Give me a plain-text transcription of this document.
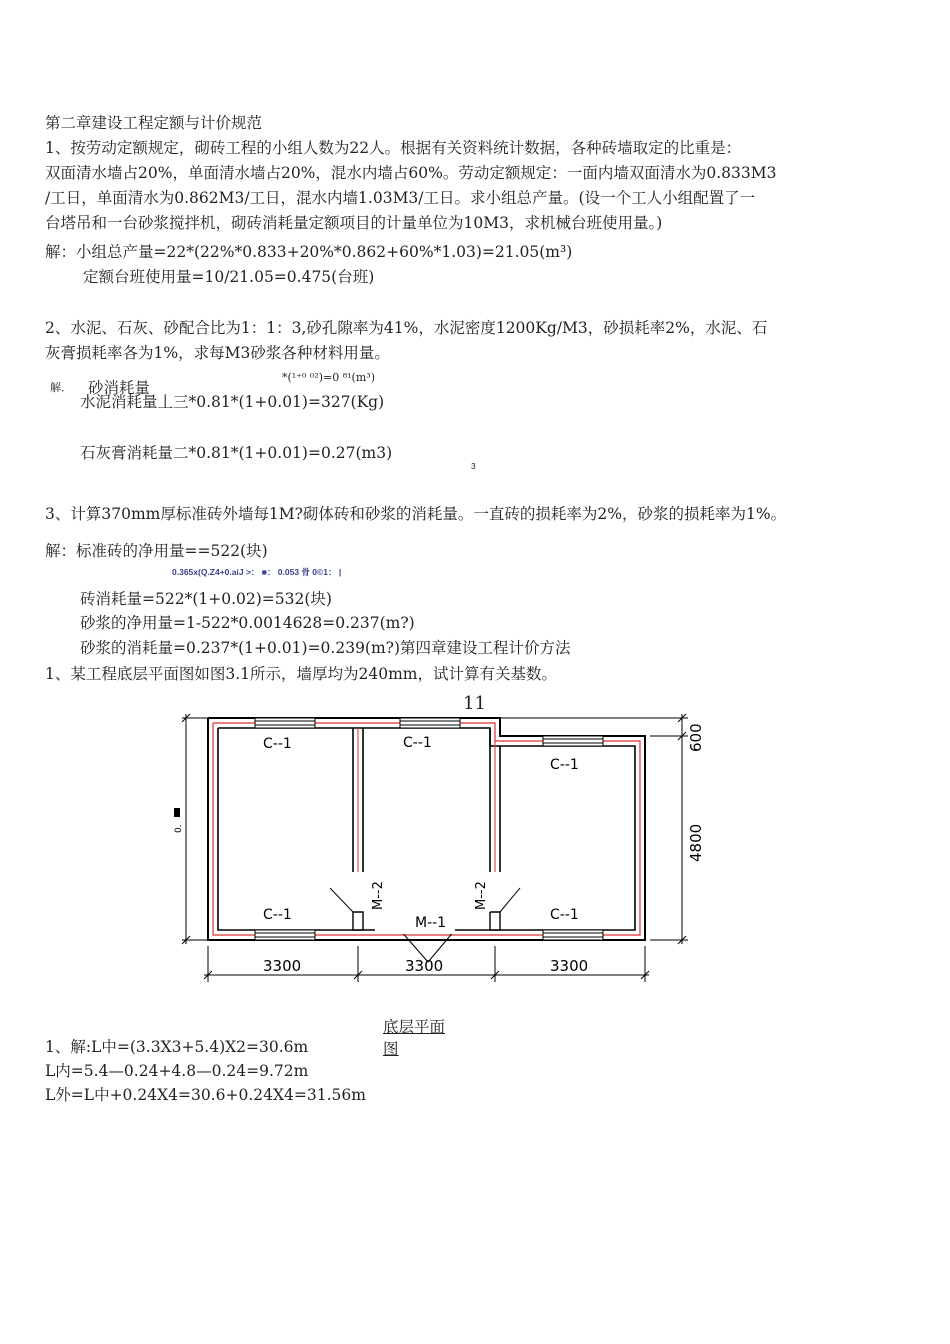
第二章建设工程定额与计价规范
1、按劳动定额规定，砌砖工程的小组人数为22人。根据有关资料统计数据，各种砖墙取定的比重是：
双面清水墙占20%，单面清水墙占20%，混水内墙占60%。劳动定额规定：一面内墙双面清水为0.833M3
/工日，单面清水为0.862M3/工日，混水内墙1.03M3/工日。求小组总产量。(设一个工人小组配置了一
台塔吊和一台砂浆搅拌机，砌砖消耗量定额项目的计量单位为10M3，求机械台班使用量。)
解：小组总产量=22*(22%*0.833+20%*0.862+60%*1.03)=21.05(m³)
定额台班使用量=10/21.05=0.475(台班)
2、水泥、石灰、砂配合比为1：1：3,砂孔隙率为41%，水泥密度1200Kg/M3，砂损耗率2%，水泥、石
灰膏损耗率各为1%，求每M3砂浆各种材料用量。
解． 砂消耗量
*(¹⁺⁰ ⁰²)=0 ⁸¹(m³)
水泥消耗量丄三*0.81*(1+0.01)=327(Kg)
石灰膏消耗量二*0.81*(1+0.01)=0.27(m3)
3
3、计算370mm厚标准砖外墙每1M?砌体砖和砂浆的消耗量。一直砖的损耗率为2%，砂浆的损耗率为1%。
解：标准砖的净用量==522(块)
0.365x(Q.Z4+0.aiJ >： ■： 0.053 骨 0©1： |
砖消耗量=522*(1+0.02)=532(块)
砂浆的净用量=1-522*0.0014628=0.237(m?)
砂浆的消耗量=0.237*(1+0.01)=0.239(m?)第四章建设工程计价方法
1、某工程底层平面图如图3.1所示，墙厚均为240mm，试计算有关基数。
11
C--1	C--1
C--1
C--1	C--1
M--2
M--1
M--2
3300	3300	3300
600
4800
0.
底层平面
图
1、解:L中=(3.3X3+5.4)X2=30.6m
L内=5.4—0.24+4.8—0.24=9.72m
L外=L中+0.24X4=30.6+0.24X4=31.56m
